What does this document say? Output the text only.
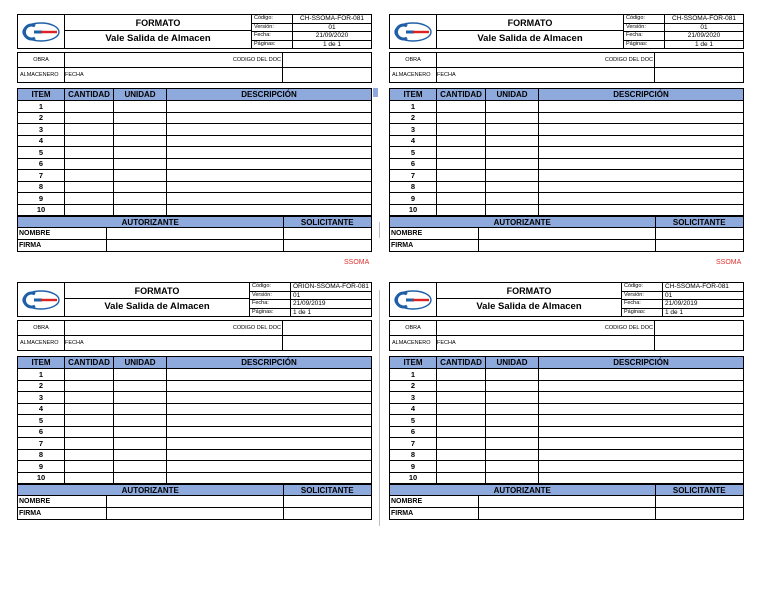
FORMATO
Vale Salida de Almacen	Código:	CH-SSOMA-FOR-081
		Versión:	01
		Fecha:	21/09/2020
		Páginas:	1 de 1
OBRA	CODIGO DEL DOC	
ALMACENERO	FECHA	

ITEM	CANTIDAD	UNIDAD	DESCRIPCIÓN
1			
2			
3			
4			
5			
6			
7			
8			
9			
10			
AUTORIZANTE		SOLICITANTE
NOMBRE		
FIRMA		
SSOMA

FORMATO
Vale Salida de Almacen	Código:	CH-SSOMA-FOR-081
		Versión:	01
		Fecha:	21/09/2020
		Páginas:	1 de 1
OBRA	CODIGO DEL DOC	
ALMACENERO	FECHA	

ITEM	CANTIDAD	UNIDAD	DESCRIPCIÓN
1			
2			
3			
4			
5			
6			
7			
8			
9			
10			
AUTORIZANTE		SOLICITANTE
NOMBRE		
FIRMA		
SSOMA

FORMATO
Vale Salida de Almacen	Código:	ORION-SSOMA-FOR-081
		Versión:	01
		Fecha:	21/09/2019
		Páginas:	1 de 1
OBRA	CODIGO DEL DOC	
ALMACENERO	FECHA	

ITEM	CANTIDAD	UNIDAD	DESCRIPCIÓN
1			
2			
3			
4			
5			
6			
7			
8			
9			
10			
AUTORIZANTE		SOLICITANTE
NOMBRE		
FIRMA		

FORMATO
Vale Salida de Almacen	Código:	CH-SSOMA-FOR-081
		Versión:	01
		Fecha:	21/09/2019
		Páginas:	1 de 1
OBRA	CODIGO DEL DOC	
ALMACENERO	FECHA	

ITEM	CANTIDAD	UNIDAD	DESCRIPCIÓN
1			
2			
3			
4			
5			
6			
7			
8			
9			
10			
AUTORIZANTE		SOLICITANTE
NOMBRE		
FIRMA		
